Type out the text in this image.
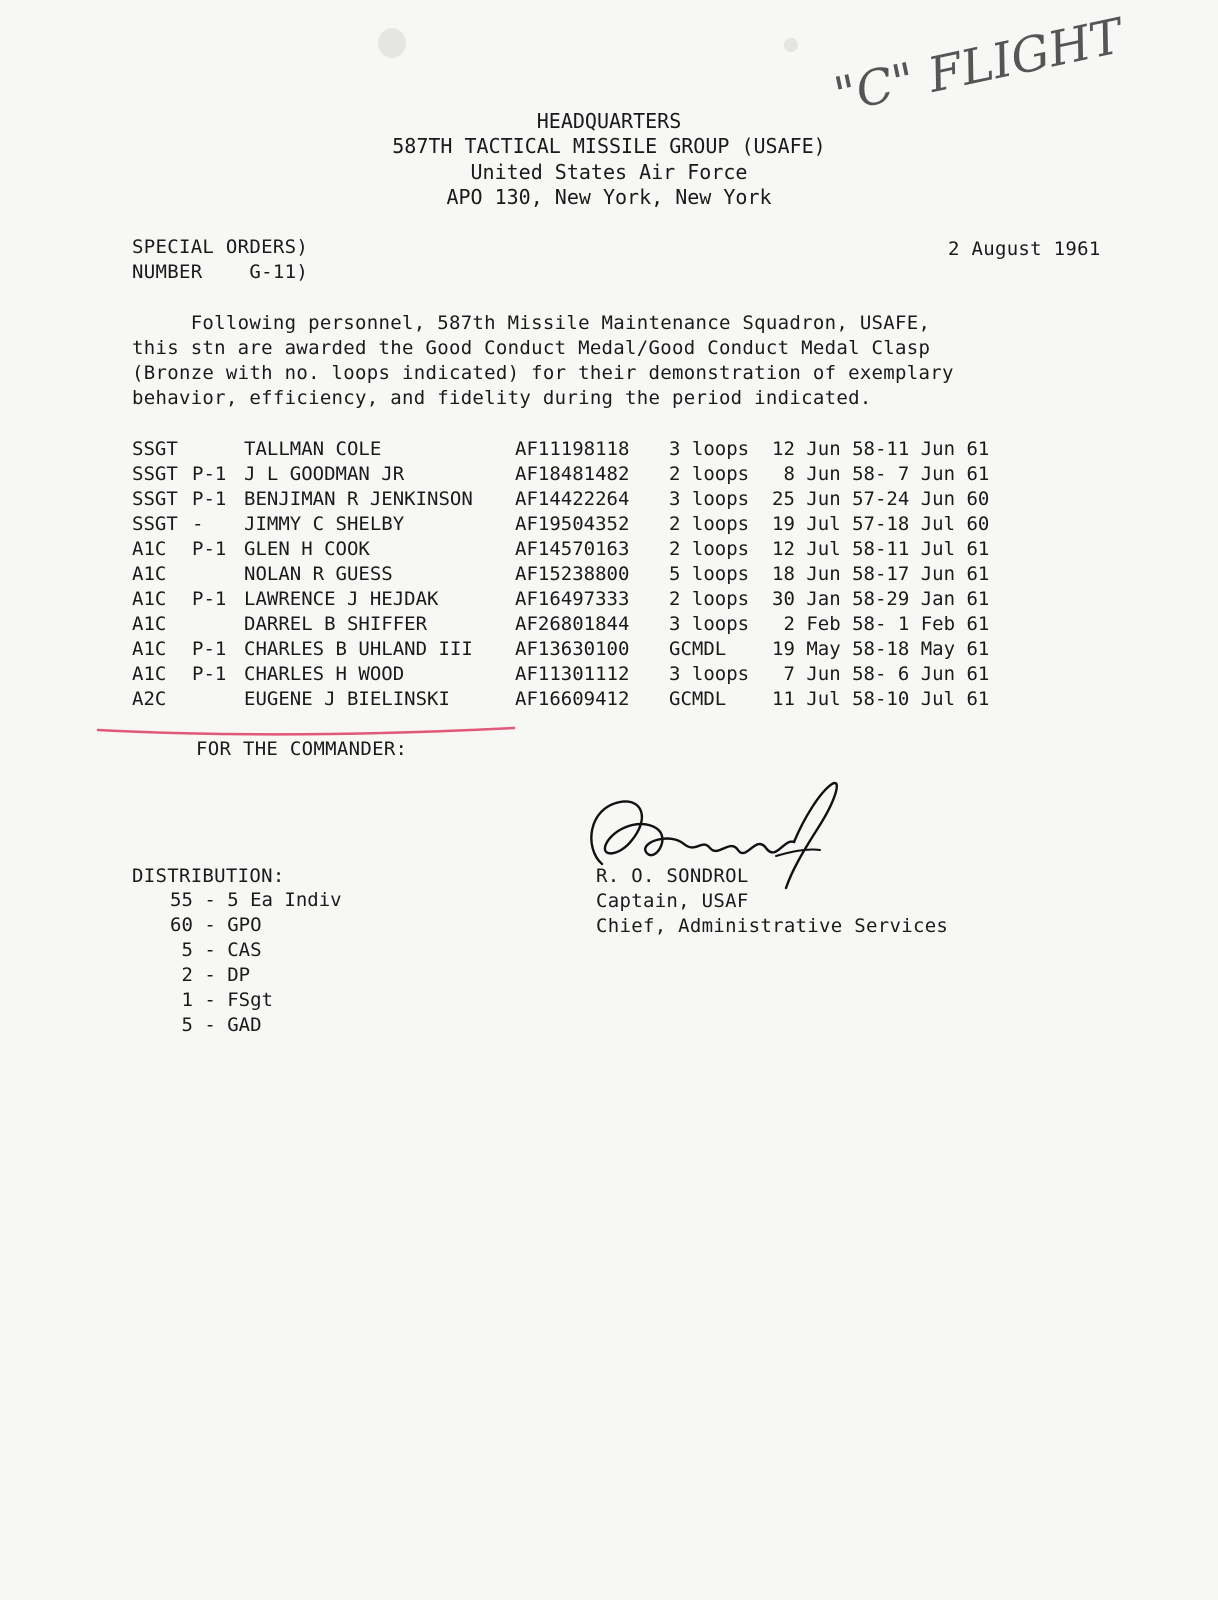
"C" FLIGHT
HEADQUARTERS
587TH TACTICAL MISSILE GROUP (USAFE)
United States Air Force
APO 130, New York, New York
SPECIAL ORDERS)
NUMBER    G-11)
2 August 1961
Following personnel, 587th Missile Maintenance Squadron, USAFE,
this stn are awarded the Good Conduct Medal/Good Conduct Medal Clasp
(Bronze with no. loops indicated) for their demonstration of exemplary
behavior, efficiency, and fidelity during the period indicated.
SSGT	TALLMAN COLE	AF11198118 3 loops 12 Jun 58-11 Jun 61
SSGT P-1 J L GOODMAN JR	AF18481482 2 loops 8 Jun 58- 7 Jun 61
SSGT P-1 BENJIMAN R JENKINSON AF14422264 3 loops 25 Jun 57-24 Jun 60
SSGT - JIMMY C SHELBY	AF19504352 2 loops 19 Jul 57-18 Jul 60
A1C P-1 GLEN H COOK	AF14570163 2 loops 12 Jul 58-11 Jul 61
A1C	NOLAN R GUESS	AF15238800 5 loops 18 Jun 58-17 Jun 61
A1C P-1 LAWRENCE J HEJDAK	AF16497333 2 loops 30 Jan 58-29 Jan 61
A1C	DARREL B SHIFFER	AF26801844 3 loops 2 Feb 58- 1 Feb 61
A1C P-1 CHARLES B UHLAND III AF13630100 GCMDL 19 May 58-18 May 61
A1C P-1 CHARLES H WOOD	AF11301112 3 loops 7 Jun 58- 6 Jun 61
A2C	EUGENE J BIELINSKI	AF16609412 GCMDL 11 Jul 58-10 Jul 61
FOR THE COMMANDER:
R. O. SONDROL
Captain, USAF
Chief, Administrative Services
DISTRIBUTION:
55 - 5 Ea Indiv
60 - GPO
5 - CAS
2 - DP
1 - FSgt
5 - GAD
